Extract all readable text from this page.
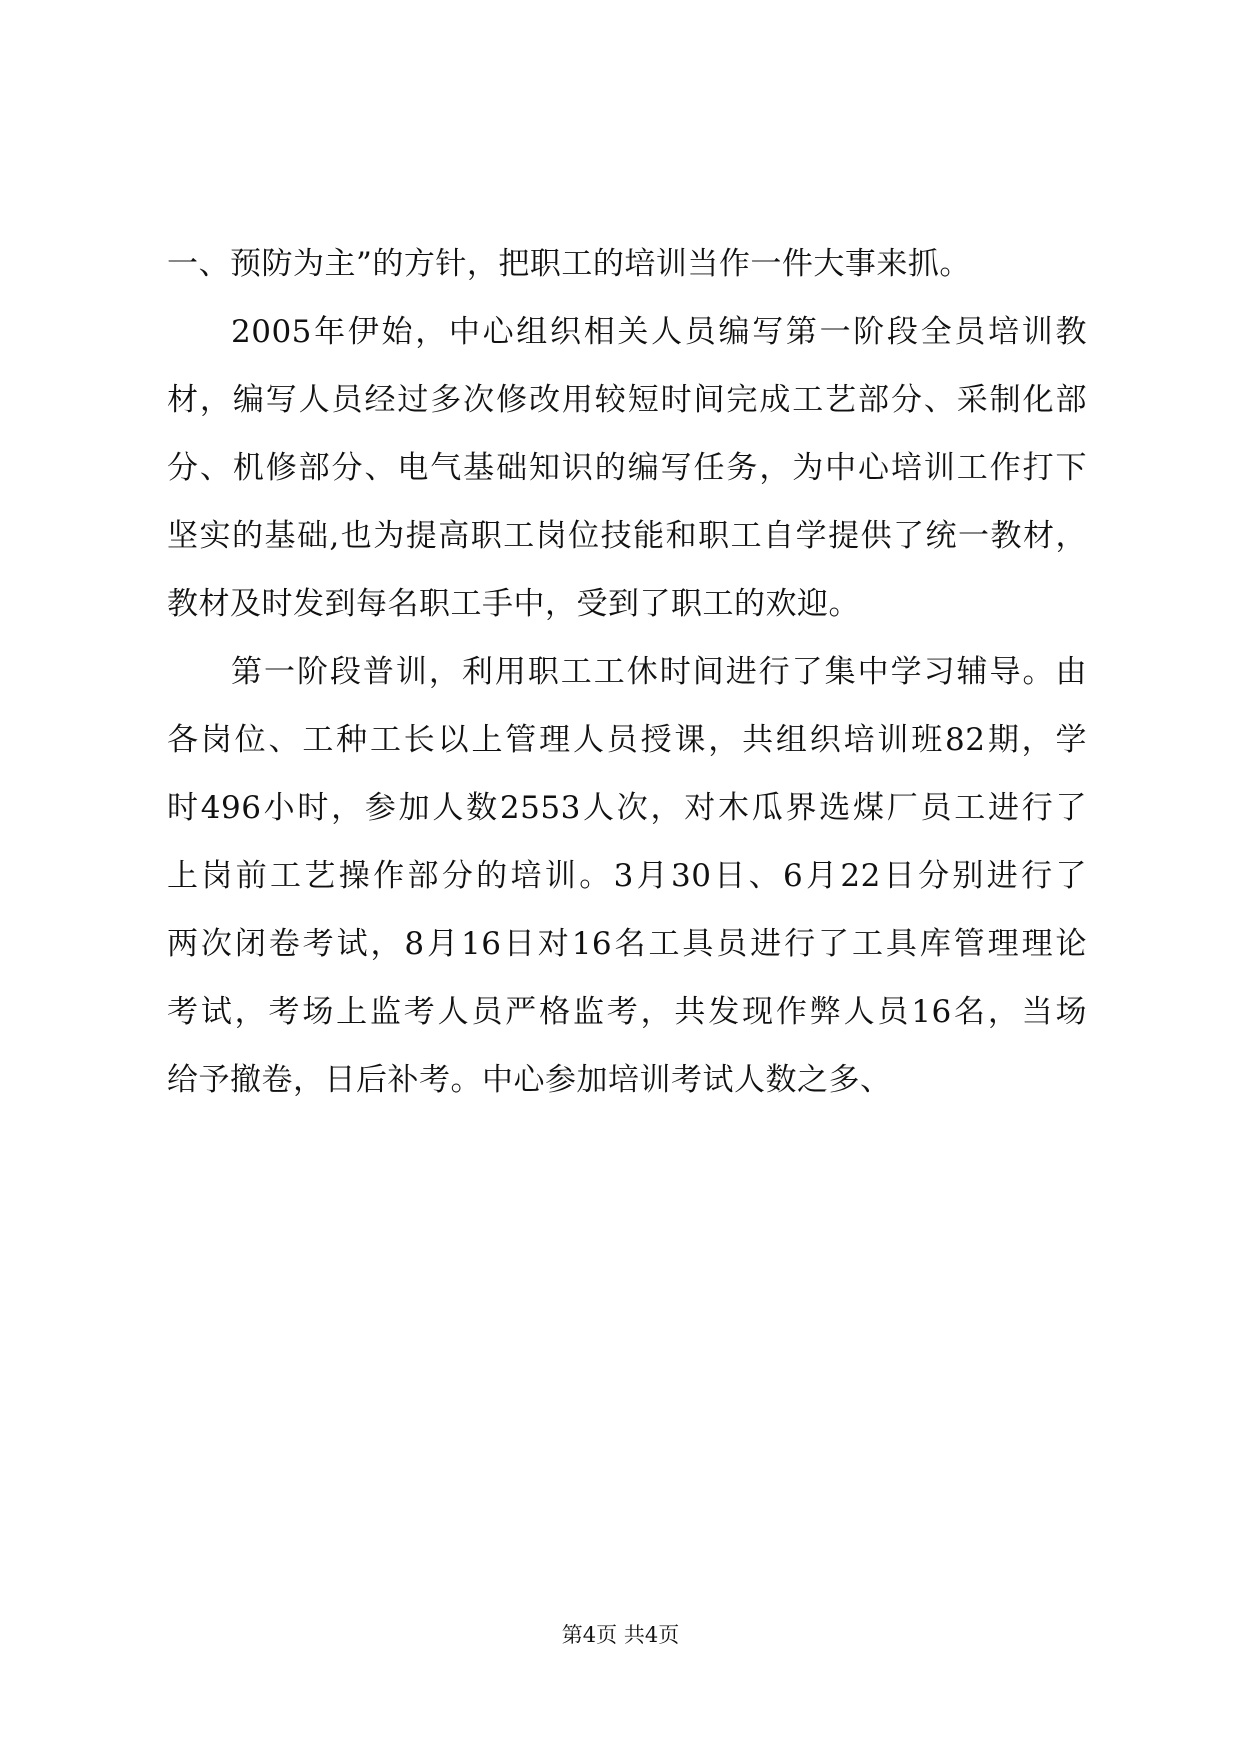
一、预防为主”的方针，把职工的培训当作一件大事来抓。
2005年伊始，中心组织相关人员编写第一阶段全员培训教
材，编写人员经过多次修改用较短时间完成工艺部分、采制化部
分、机修部分、电气基础知识的编写任务，为中心培训工作打下
坚实的基础,也为提高职工岗位技能和职工自学提供了统一教材，
教材及时发到每名职工手中，受到了职工的欢迎。
第一阶段普训，利用职工工休时间进行了集中学习辅导。由
各岗位、工种工长以上管理人员授课，共组织培训班82期，学
时496小时，参加人数2553人次，对木瓜界选煤厂员工进行了
上岗前工艺操作部分的培训。3月30日、6月22日分别进行了
两次闭卷考试，8月16日对16名工具员进行了工具库管理理论
考试，考场上监考人员严格监考，共发现作弊人员16名，当场
给予撤卷，日后补考。中心参加培训考试人数之多、
第4页 共4页
